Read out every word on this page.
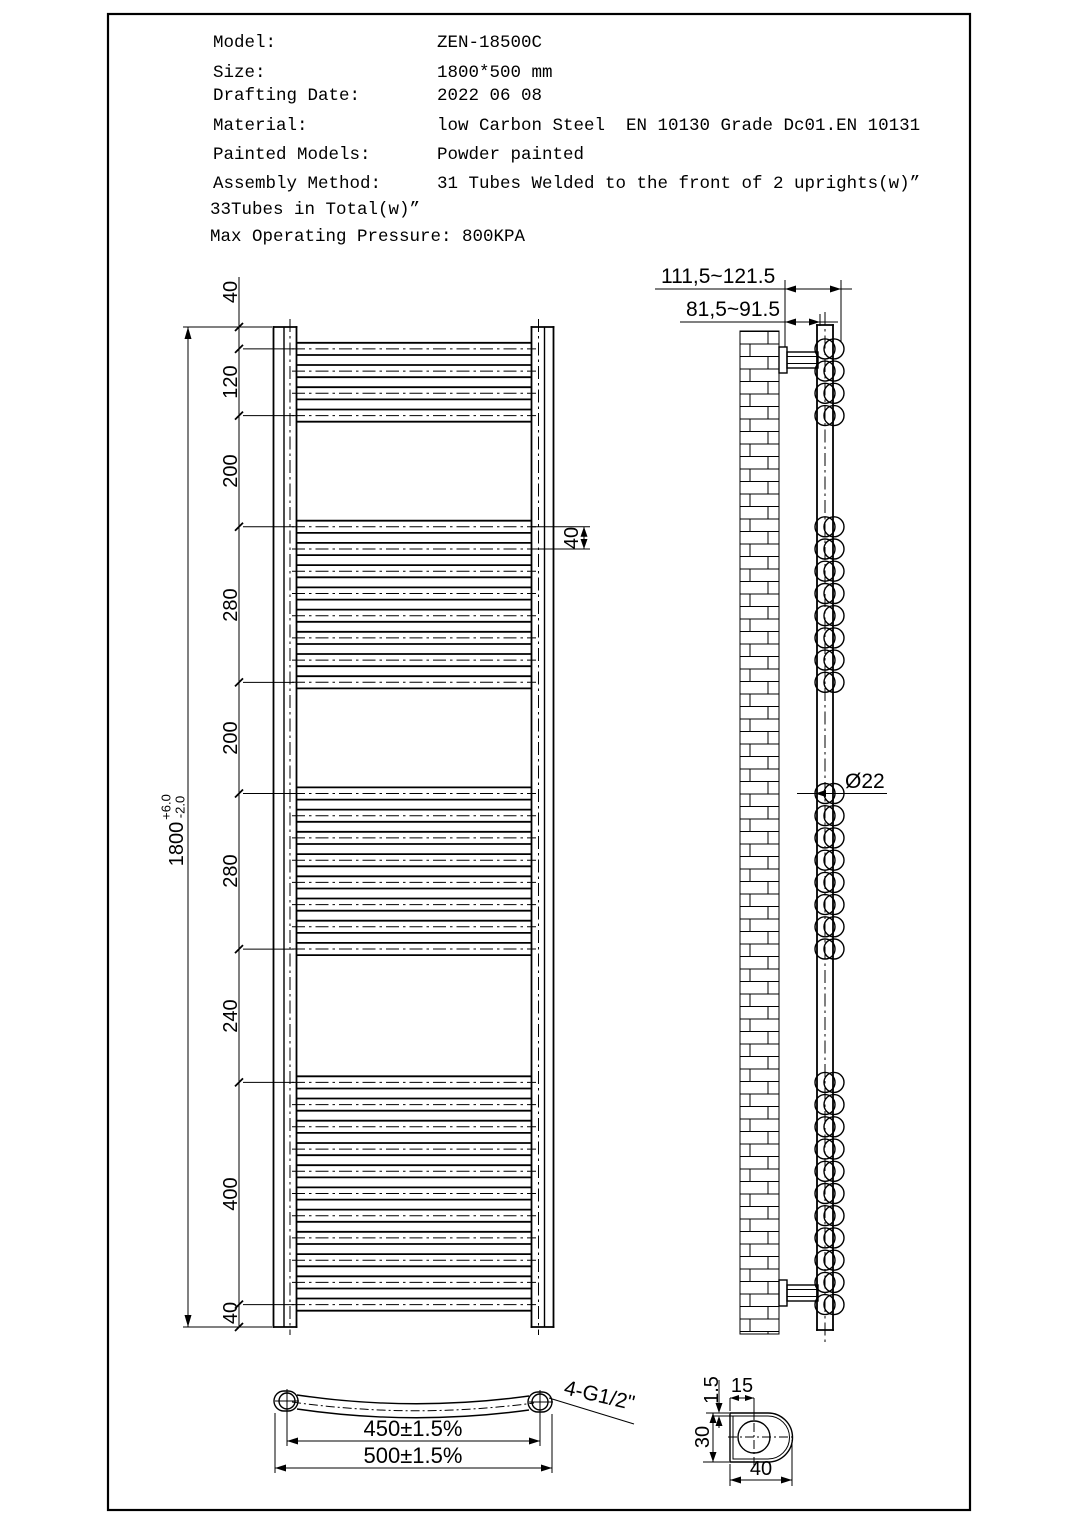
Model:	ZEN-18500C
Size:	1800*500 mm
Drafting Date:	2022 06 08
Material:	low Carbon Steel  EN 10130 Grade Dc01.EN 10131
Painted Models:	Powder painted
Assembly Method:	31 Tubes Welded to the front of 2 uprights(w)”
33Tubes in Total(w)”
Max Operating Pressure: 800KPA
1800
+6.0 -2.0
40
120
200
280
200
280
240
400
40
40
111,5~121.5
81,5~91.5
Ø22
450±1.5%
500±1.5%
4-G1/2"	15
1.5
30
40
